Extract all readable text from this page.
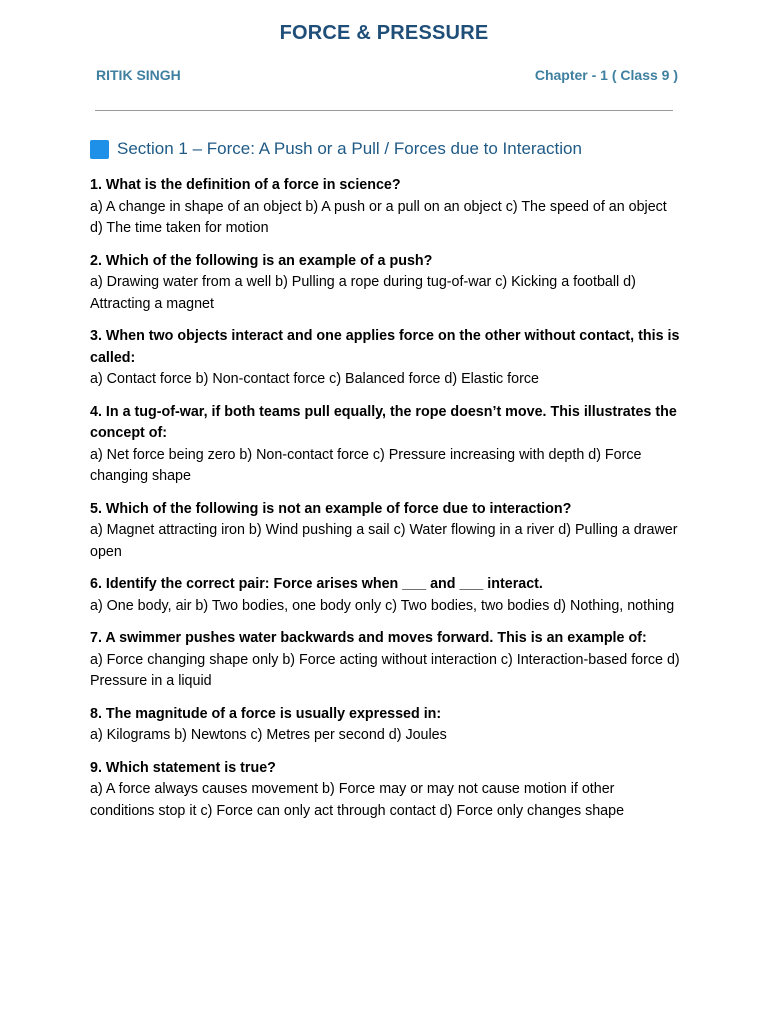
FORCE & PRESSURE
RITIK SINGH	Chapter - 1 ( Class 9 )
Section 1 – Force: A Push or a Pull / Forces due to Interaction
1. What is the definition of a force in science?
a) A change in shape of an object b) A push or a pull on an object c) The speed of an object d) The time taken for motion
2. Which of the following is an example of a push?
a) Drawing water from a well b) Pulling a rope during tug-of-war c) Kicking a football d) Attracting a magnet
3. When two objects interact and one applies force on the other without contact, this is called:
a) Contact force b) Non-contact force c) Balanced force d) Elastic force
4. In a tug-of-war, if both teams pull equally, the rope doesn’t move. This illustrates the concept of:
a) Net force being zero b) Non-contact force c) Pressure increasing with depth d) Force changing shape
5. Which of the following is not an example of force due to interaction?
a) Magnet attracting iron b) Wind pushing a sail c) Water flowing in a river d) Pulling a drawer open
6. Identify the correct pair: Force arises when ___ and ___ interact.
a) One body, air b) Two bodies, one body only c) Two bodies, two bodies d) Nothing, nothing
7. A swimmer pushes water backwards and moves forward. This is an example of:
a) Force changing shape only b) Force acting without interaction c) Interaction-based force d) Pressure in a liquid
8. The magnitude of a force is usually expressed in:
a) Kilograms b) Newtons c) Metres per second d) Joules
9. Which statement is true?
a) A force always causes movement b) Force may or may not cause motion if other conditions stop it c) Force can only act through contact d) Force only changes shape
